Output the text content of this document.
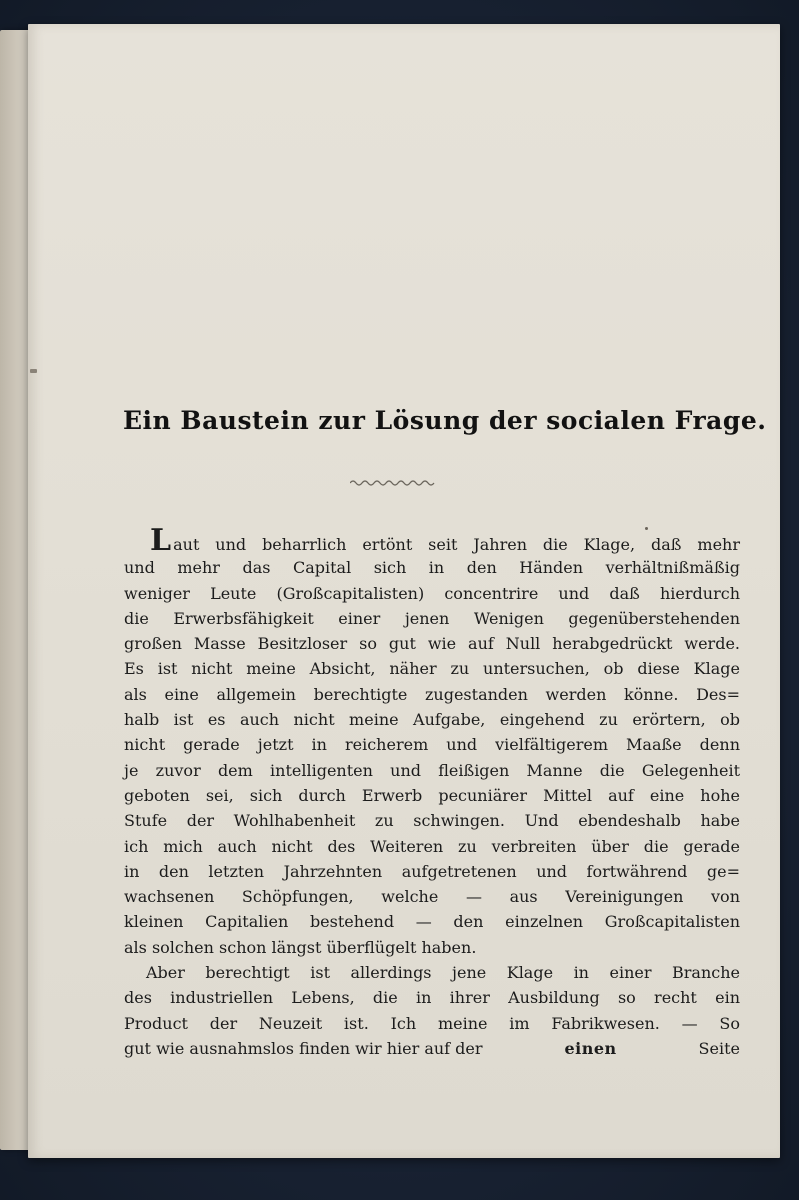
Ein Baustein zur Lösung der socialen Frage.
L aut und beharrlich ertönt seit Jahren die Klage, daß mehr
und mehr das Capital sich in den Händen verhältnißmäßig
weniger Leute (Großcapitalisten) concentrire und daß hierdurch
die Erwerbsfähigkeit einer jenen Wenigen gegenüberstehenden
großen Masse Besitzloser so gut wie auf Null herabgedrückt werde.
Es ist nicht meine Absicht, näher zu untersuchen, ob diese Klage
als eine allgemein berechtigte zugestanden werden könne. Des=
halb ist es auch nicht meine Aufgabe, eingehend zu erörtern, ob
nicht gerade jetzt in reicherem und vielfältigerem Maaße denn
je zuvor dem intelligenten und fleißigen Manne die Gelegenheit
geboten sei, sich durch Erwerb pecuniärer Mittel auf eine hohe
Stufe der Wohlhabenheit zu schwingen. Und ebendeshalb habe
ich mich auch nicht des Weiteren zu verbreiten über die gerade
in den letzten Jahrzehnten aufgetretenen und fortwährend ge=
wachsenen Schöpfungen, welche — aus Vereinigungen von
kleinen Capitalien bestehend — den einzelnen Großcapitalisten
als solchen schon längst überflügelt haben.
Aber berechtigt ist allerdings jene Klage in einer Branche
des industriellen Lebens, die in ihrer Ausbildung so recht ein
Product der Neuzeit ist. Ich meine im Fabrikwesen. — So
gut wie ausnahmslos finden wir hier auf der	einen	Seite
